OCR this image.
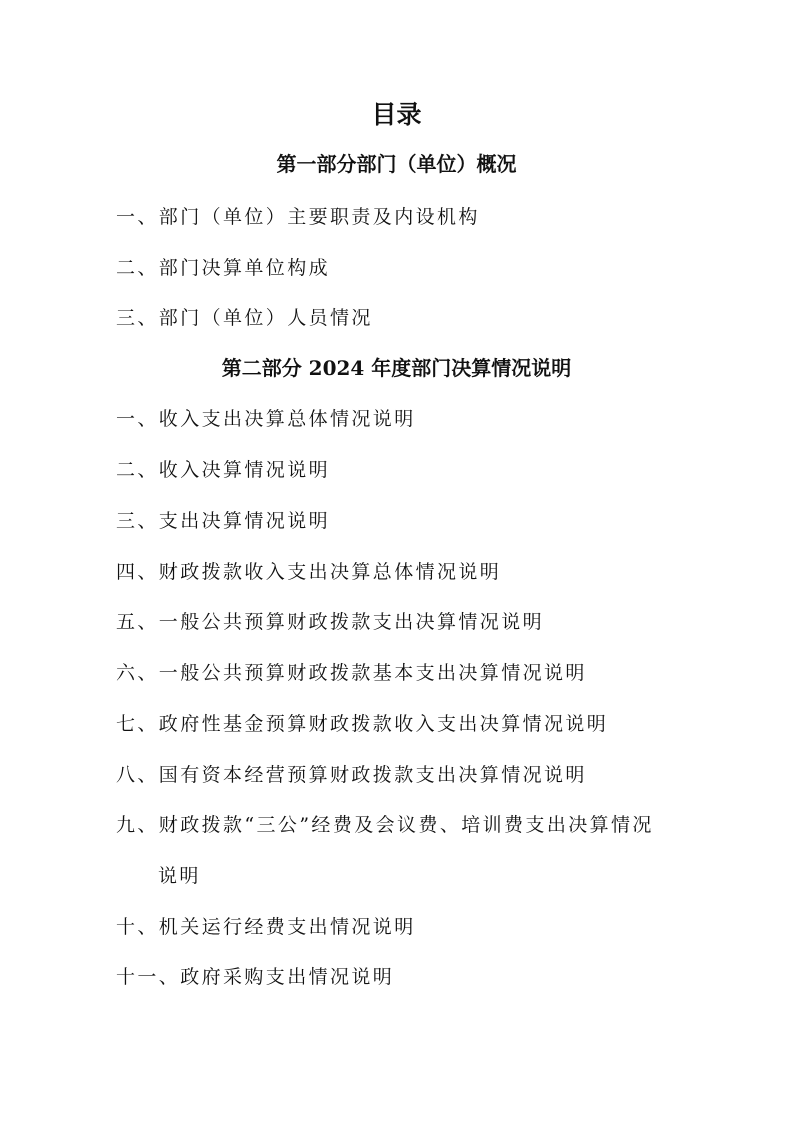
目录
第一部分部门（单位）概况

一、部门（单位）主要职责及内设机构

二、部门决算单位构成

三、部门（单位）人员情况

第二部分 2024 年度部门决算情况说明

一、收入支出决算总体情况说明

二、收入决算情况说明

三、支出决算情况说明

四、财政拨款收入支出决算总体情况说明

五、一般公共预算财政拨款支出决算情况说明

六、一般公共预算财政拨款基本支出决算情况说明

七、政府性基金预算财政拨款收入支出决算情况说明

八、国有资本经营预算财政拨款支出决算情况说明

九、财政拨款“三公”经费及会议费、培训费支出决算情况

说明

十、机关运行经费支出情况说明

十一、政府采购支出情况说明
